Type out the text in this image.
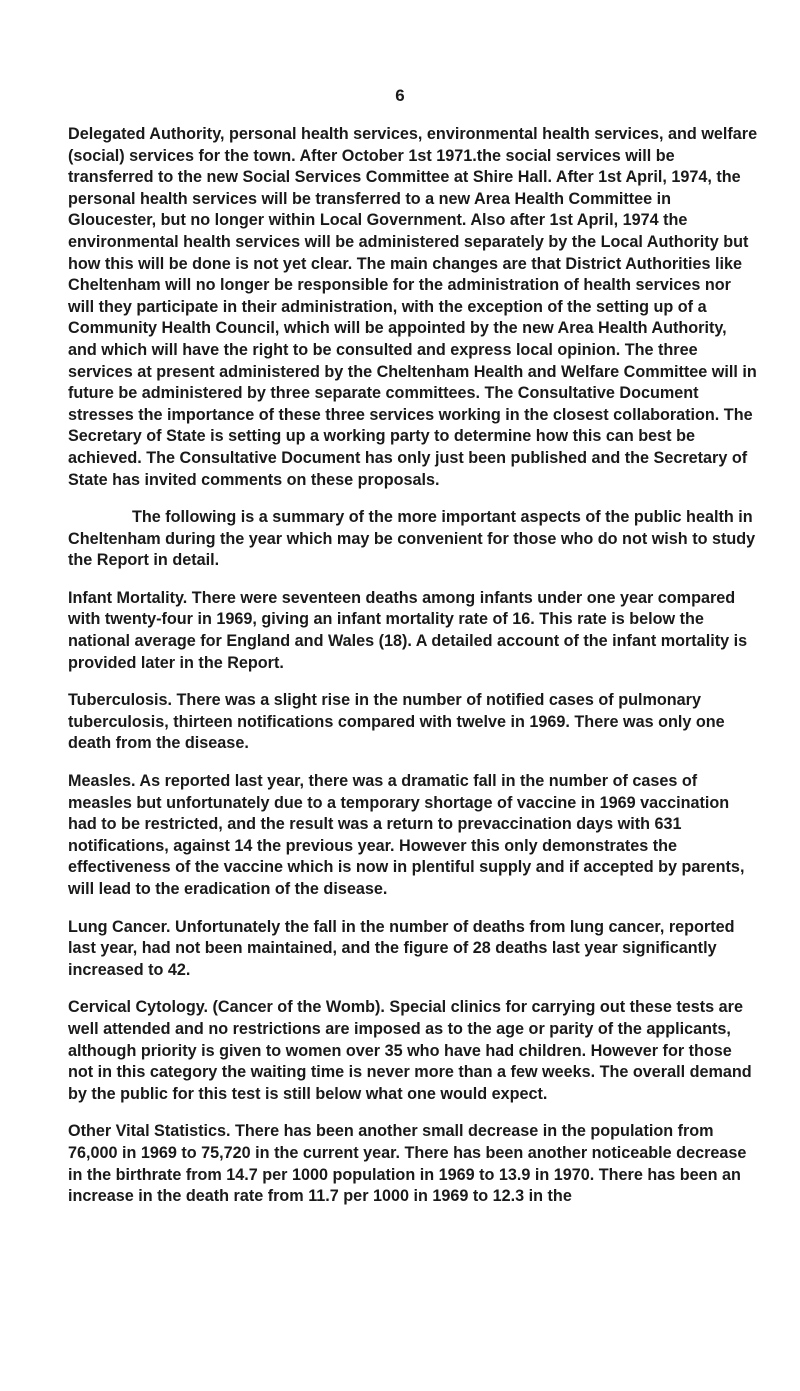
6

Delegated Authority, personal health services, environmental health services, and welfare (social) services for the town. After October 1st 1971.the social services will be transferred to the new Social Services Committee at Shire Hall. After 1st April, 1974, the personal health services will be transferred to a new Area Health Committee in Gloucester, but no longer within Local Government. Also after 1st April, 1974 the environmental health services will be administered separately by the Local Authority but how this will be done is not yet clear. The main changes are that District Authorities like Cheltenham will no longer be responsible for the administration of health services nor will they participate in their administration, with the exception of the setting up of a Community Health Council, which will be appointed by the new Area Health Authority, and which will have the right to be consulted and express local opinion. The three services at present administered by the Cheltenham Health and Welfare Committee will in future be administered by three separate committees. The Consultative Document stresses the importance of these three services working in the closest collaboration. The Secretary of State is setting up a working party to determine how this can best be achieved. The Consultative Document has only just been published and the Secretary of State has invited comments on these proposals.

The following is a summary of the more important aspects of the public health in Cheltenham during the year which may be convenient for those who do not wish to study the Report in detail.

Infant Mortality. There were seventeen deaths among infants under one year compared with twenty-four in 1969, giving an infant mortality rate of 16. This rate is below the national average for England and Wales (18). A detailed account of the infant mortality is provided later in the Report.

Tuberculosis. There was a slight rise in the number of notified cases of pulmonary tuberculosis, thirteen notifications compared with twelve in 1969. There was only one death from the disease.

Measles. As reported last year, there was a dramatic fall in the number of cases of measles but unfortunately due to a temporary shortage of vaccine in 1969 vaccination had to be restricted, and the result was a return to prevaccination days with 631 notifications, against 14 the previous year. However this only demonstrates the effectiveness of the vaccine which is now in plentiful supply and if accepted by parents, will lead to the eradication of the disease.

Lung Cancer. Unfortunately the fall in the number of deaths from lung cancer, reported last year, had not been maintained, and the figure of 28 deaths last year significantly increased to 42.

Cervical Cytology. (Cancer of the Womb). Special clinics for carrying out these tests are well attended and no restrictions are imposed as to the age or parity of the applicants, although priority is given to women over 35 who have had children. However for those not in this category the waiting time is never more than a few weeks. The overall demand by the public for this test is still below what one would expect.

Other Vital Statistics. There has been another small decrease in the population from 76,000 in 1969 to 75,720 in the current year. There has been another noticeable decrease in the birthrate from 14.7 per 1000 population in 1969 to 13.9 in 1970. There has been an increase in the death rate from 11.7 per 1000 in 1969 to 12.3 in the
